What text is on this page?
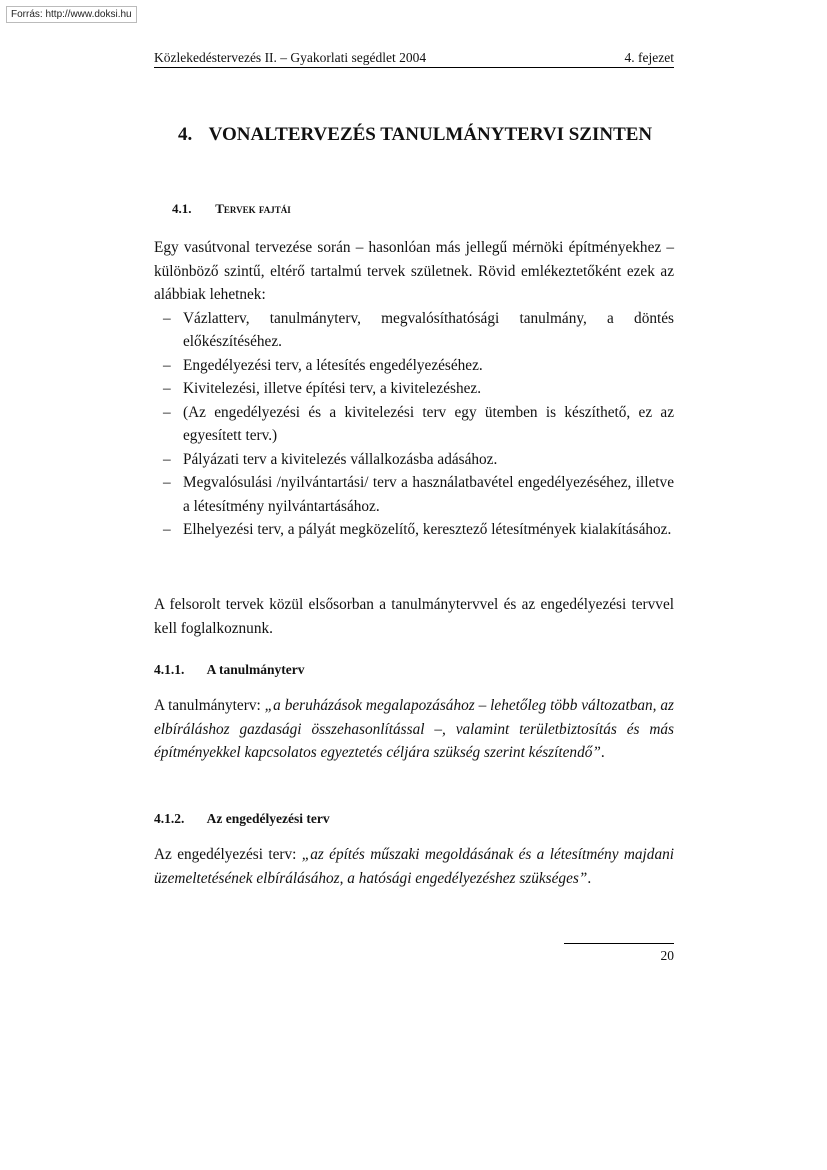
Forrás: http://www.doksi.hu
Közlekedéstervezés II. – Gyakorlati segédlet 2004	4. fejezet
4. VONALTERVEZÉS TANULMÁNYTERVI SZINTEN
4.1. Tervek fajtái
Egy vasútvonal tervezése során – hasonlóan más jellegű mérnöki építményekhez – különböző szintű, eltérő tartalmú tervek születnek. Rövid emlékeztetőként ezek az alábbiak lehetnek:
– Vázlatterv, tanulmányterv, megvalósíthatósági tanulmány, a döntés előkészítéséhez.
– Engedélyezési terv, a létesítés engedélyezéséhez.
– Kivitelezési, illetve építési terv, a kivitelezéshez.
– (Az engedélyezési és a kivitelezési terv egy ütemben is készíthető, ez az egyesített terv.)
– Pályázati terv a kivitelezés vállalkozásba adásához.
– Megvalósulási /nyilvántartási/ terv a használatbavétel engedélyezéséhez, illetve a létesítmény nyilvántartásához.
– Elhelyezési terv, a pályát megközelítő, keresztező létesítmények kialakításához.
A felsorolt tervek közül elsősorban a tanulmánytervvel és az engedélyezési tervvel kell foglalkoznunk.
4.1.1. A tanulmányterv
A tanulmányterv: „a beruházások megalapozásához – lehetőleg több változatban, az elbíráláshoz gazdasági összehasonlítással –, valamint területbiztosítás és más építményekkel kapcsolatos egyeztetés céljára szükség szerint készítendő”.
4.1.2. Az engedélyezési terv
Az engedélyezési terv: „az építés műszaki megoldásának és a létesítmény majdani üzemeltetésének elbírálásához, a hatósági engedélyezéshez szükséges”.
20
